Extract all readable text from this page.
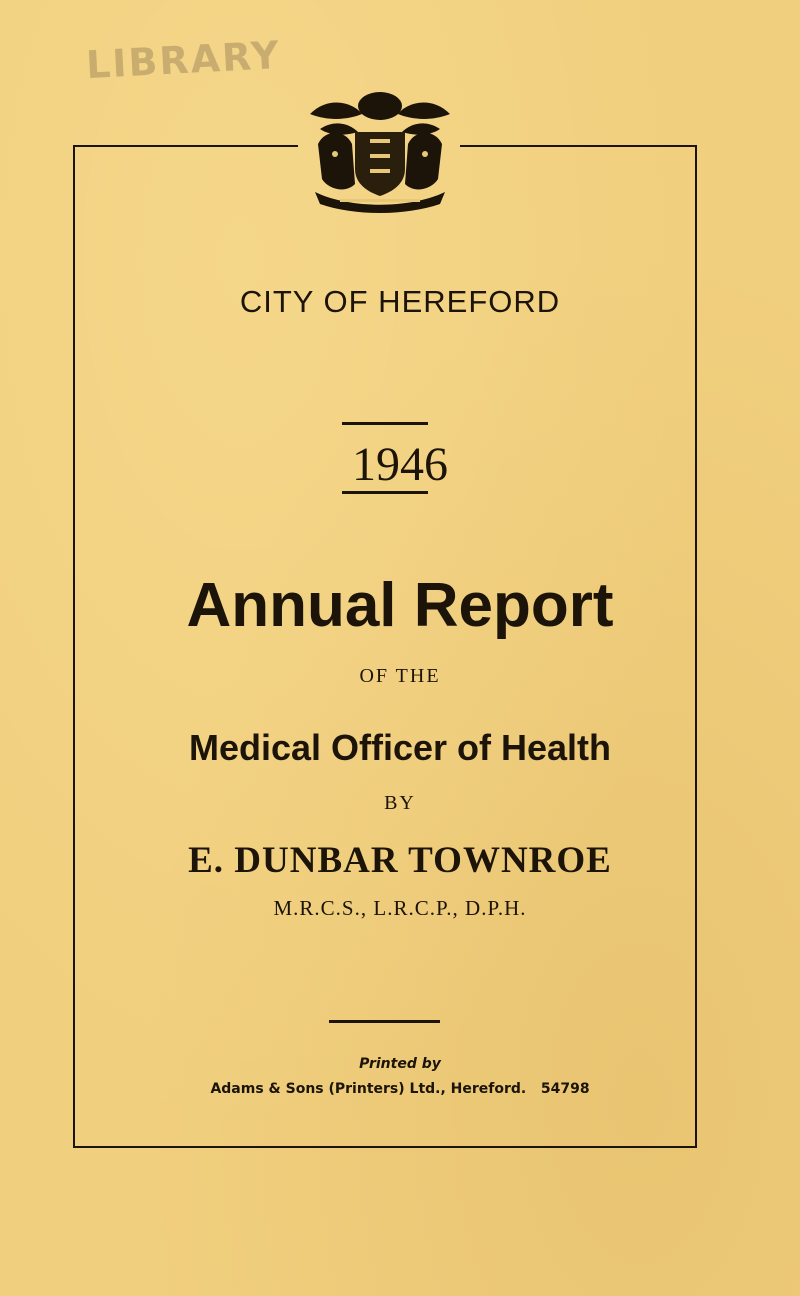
LIBRARY
CITY OF HEREFORD
1946
Annual Report
OF THE
Medical Officer of Health
BY
E. DUNBAR TOWNROE
M.R.C.S., L.R.C.P., D.P.H.
Printed by
Adams & Sons (Printers) Ltd., Hereford.   54798
